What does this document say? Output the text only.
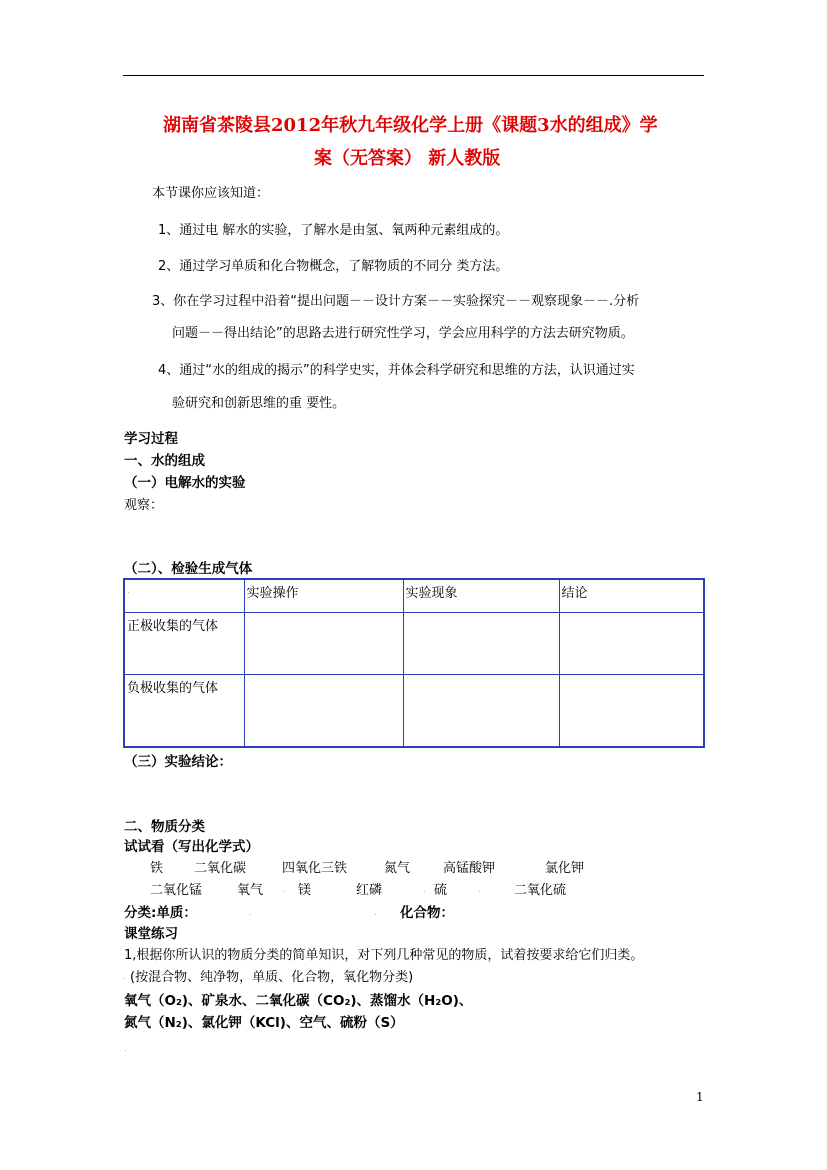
湖南省茶陵县2012年秋九年级化学上册《课题3水的组成》学
案（无答案） 新人教版
本节课你应该知道：
1、通过电 解水的实验，了解水是由氢、氧两种元素组成的。
2、通过学习单质和化合物概念，了解物质的不同分 类方法。
3、你在学习过程中沿着“提出问题－－设计方案－－实验探究－－观察现象－－.分析
问题－－得出结论”的思路去进行研究性学习，学会应用科学的方法去研究物质。
4、通过“水的组成的揭示”的科学史实，并体会科学研究和思维的方法，认识通过实
验研究和创新思维的重 要性。
学习过程
一、水的组成
（一）电解水的实验
观察：
（二）、检验生成气体
.	实验操作	实验现象	结论
正极收集的气体			
负极收集的气体			
（三）实验结论：
二、物质分类
试试看（写出化学式）
铁 二氧化碳	四氧化三铁	氮气	高锰酸钾	氯化钾
二氧化锰	氧气 . 镁	红磷	. 硫	.	二氧化硫
分类:单质：	.	. 化合物：
课堂练习
1,根据你所认识的物质分类的简单知识，对下列几种常见的物质，试着按要求给它们归类。
. (按混合物、纯净物，单质、化合物，氧化物分类)
氧气（O₂)、矿泉水、二氧化碳（CO₂)、蒸馏水（H₂O)、
氮气（N₂)、氯化钾（KCl)、空气、硫粉（S）
.
1
